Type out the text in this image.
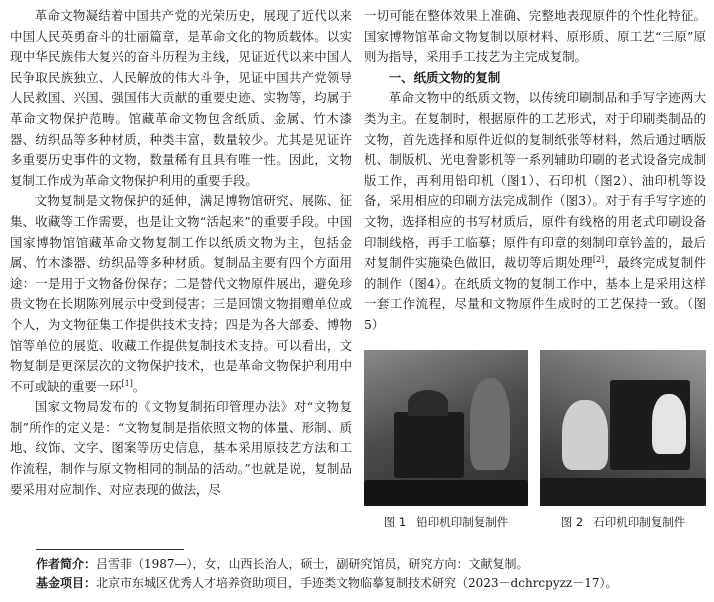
革命文物凝结着中国共产党的光荣历史，展现了近代以来中国人民英勇奋斗的壮丽篇章，是革命文化的物质载体。以实现中华民族伟大复兴的奋斗历程为主线，见证近代以来中国人民争取民族独立、人民解放的伟大斗争，见证中国共产党领导人民救国、兴国、强国伟大贡献的重要史迹、实物等，均属于革命文物保护范畴。馆藏革命文物包含纸质、金属、竹木漆器、纺织品等多种材质，种类丰富，数量较少。尤其是见证许多重要历史事件的文物，数量稀有且具有唯一性。因此，文物复制工作成为革命文物保护利用的重要手段。

文物复制是文物保护的延伸，满足博物馆研究、展陈、征集、收藏等工作需要，也是让文物“活起来”的重要手段。中国国家博物馆馆藏革命文物复制工作以纸质文物为主，包括金属、竹木漆器、纺织品等多种材质。复制品主要有四个方面用途：一是用于文物备份保存；二是替代文物原件展出，避免珍贵文物在长期陈列展示中受到侵害；三是回馈文物捐赠单位或个人，为文物征集工作提供技术支持；四是为各大部委、博物馆等单位的展览、收藏工作提供复制技术支持。可以看出，文物复制是更深层次的文物保护技术，也是革命文物保护利用中不可或缺的重要一环[1]。

国家文物局发布的《文物复制拓印管理办法》对“文物复制”所作的定义是：“文物复制是指依照文物的体量、形制、质地、纹饰、文字、图案等历史信息，基本采用原技艺方法和工作流程，制作与原文物相同的制品的活动。”也就是说，复制品要采用对应制作、对应表现的做法，尽

一切可能在整体效果上准确、完整地表现原件的个性化特征。国家博物馆革命文物复制以原材料、原形质、原工艺“三原”原则为指导，采用手工技艺为主完成复制。

一、纸质文物的复制

革命文物中的纸质文物，以传统印刷制品和手写字迹两大类为主。在复制时，根据原件的工艺形式，对于印刷类制品的文物，首先选择和原件近似的复制纸张等材料，然后通过晒版机、制版机、光电誊影机等一系列辅助印刷的老式设备完成制版工作，再利用铅印机（图1）、石印机（图2）、油印机等设备，采用相应的印刷方法完成制作（图3）。对于有手写字迹的文物，选择相应的书写材质后，原件有线格的用老式印刷设备印制线格，再手工临摹；原件有印章的刻制印章钤盖的，最后对复制件实施染色做旧，裁切等后期处理[2]，最终完成复制件的制作（图4）。在纸质文物的复制工作中，基本上是采用这样一套工作流程，尽量和文物原件生成时的工艺保持一致。（图5）

图 1 铅印机印制复制件	图 2 石印机印制复制件
作者简介：吕雪菲（1987—），女，山西长治人，硕士，副研究馆员，研究方向：文献复制。
基金项目：北京市东城区优秀人才培养资助项目，手迹类文物临摹复制技术研究（2023－dchrcpyzz－17）。
